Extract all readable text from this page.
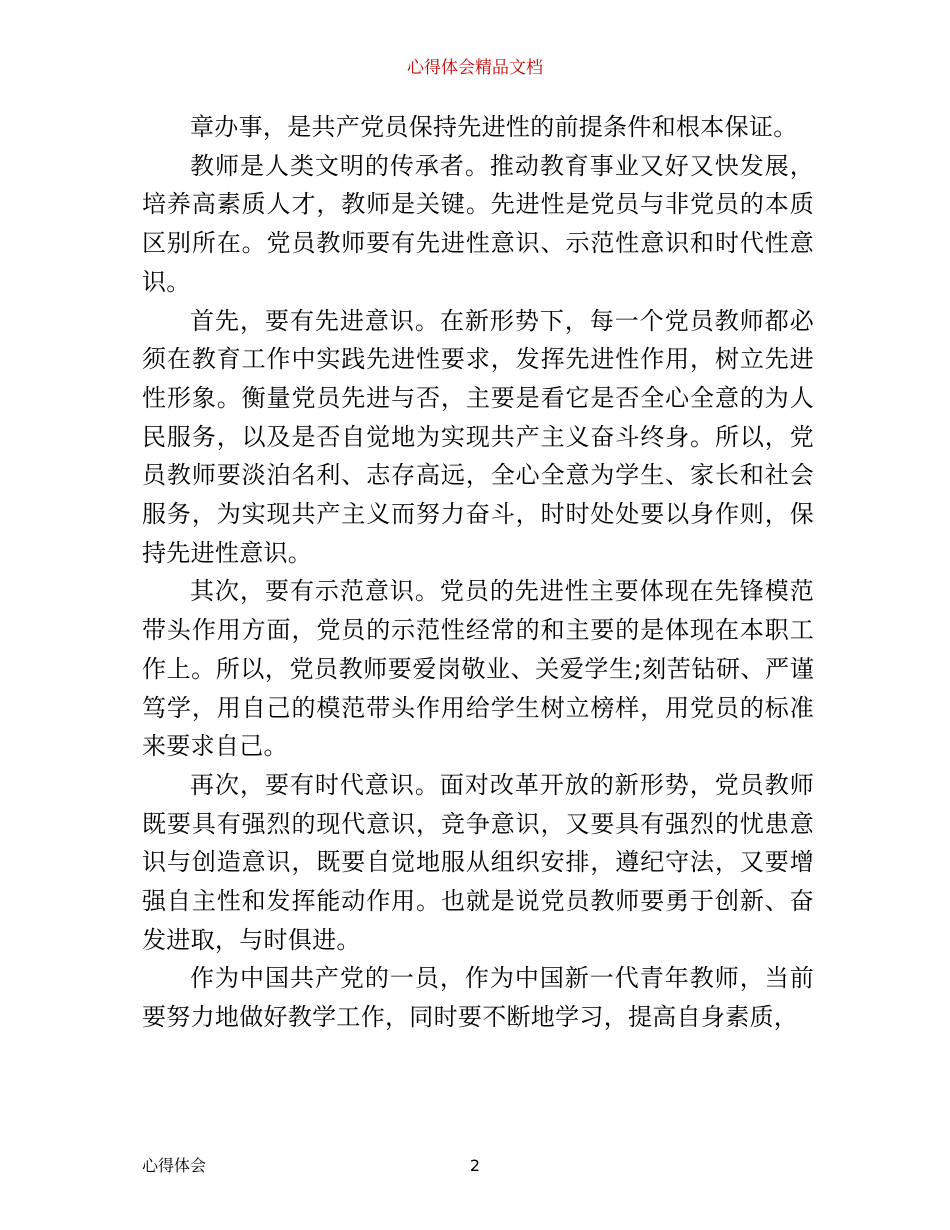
心得体会精品文档

章办事，是共产党员保持先进性的前提条件和根本保证。

教师是人类文明的传承者。推动教育事业又好又快发展，培养高素质人才，教师是关键。先进性是党员与非党员的本质区别所在。党员教师要有先进性意识、示范性意识和时代性意识。

首先，要有先进意识。在新形势下，每一个党员教师都必须在教育工作中实践先进性要求，发挥先进性作用，树立先进性形象。衡量党员先进与否，主要是看它是否全心全意的为人民服务，以及是否自觉地为实现共产主义奋斗终身。所以，党员教师要淡泊名利、志存高远，全心全意为学生、家长和社会服务，为实现共产主义而努力奋斗，时时处处要以身作则，保持先进性意识。

其次，要有示范意识。党员的先进性主要体现在先锋模范带头作用方面，党员的示范性经常的和主要的是体现在本职工作上。所以，党员教师要爱岗敬业、关爱学生;刻苦钻研、严谨笃学，用自己的模范带头作用给学生树立榜样，用党员的标准来要求自己。

再次，要有时代意识。面对改革开放的新形势，党员教师既要具有强烈的现代意识，竞争意识，又要具有强烈的忧患意识与创造意识，既要自觉地服从组织安排，遵纪守法，又要增强自主性和发挥能动作用。也就是说党员教师要勇于创新、奋发进取，与时俱进。

作为中国共产党的一员，作为中国新一代青年教师，当前要努力地做好教学工作，同时要不断地学习，提高自身素质，

心得体会	2
